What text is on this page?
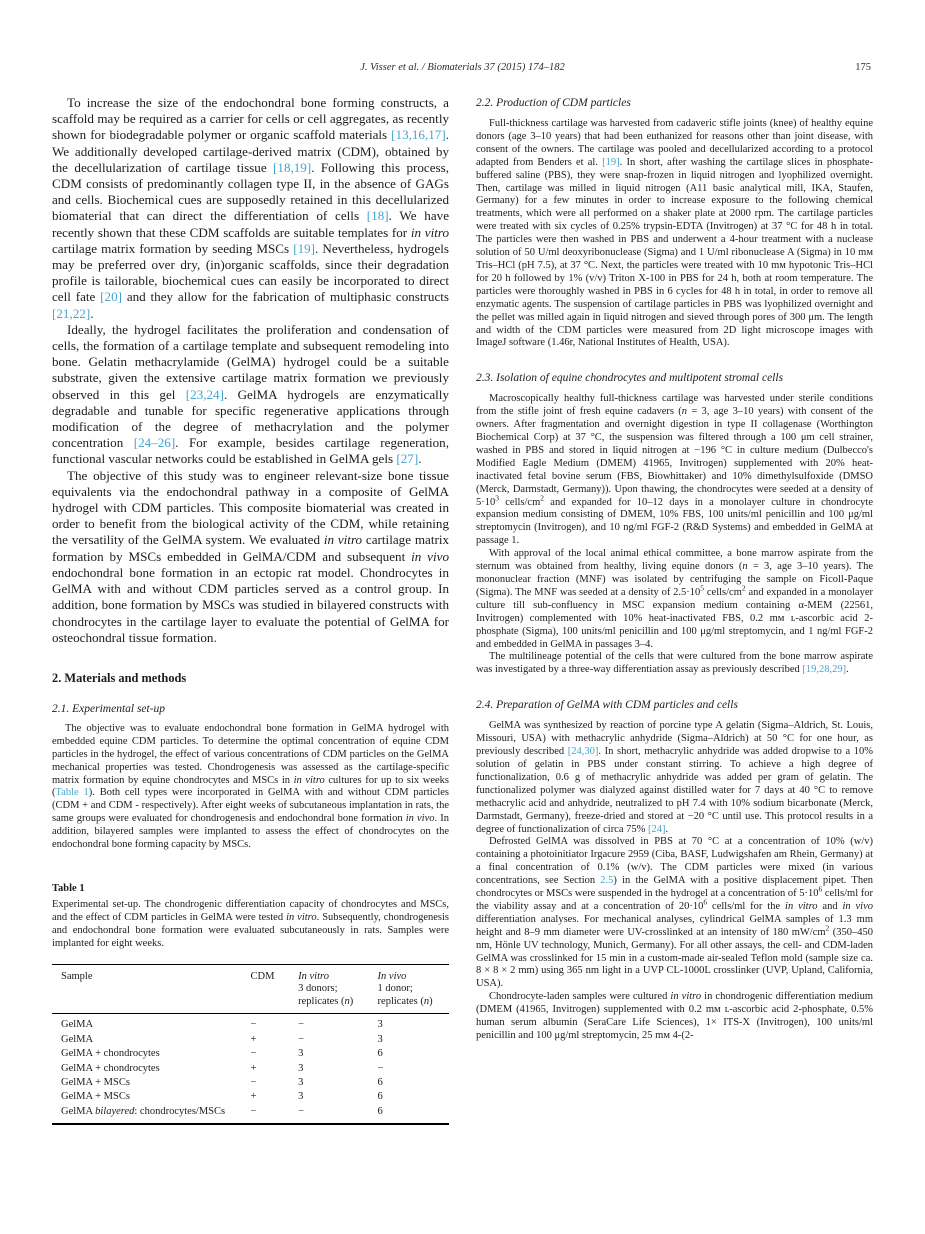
J. Visser et al. / Biomaterials 37 (2015) 174–182	175

To increase the size of the endochondral bone forming constructs, a scaffold may be required as a carrier for cells or cell aggregates, as recently shown for biodegradable polymer or organic scaffold materials [13,16,17]. We additionally developed cartilage-derived matrix (CDM), obtained by the decellularization of cartilage tissue [18,19]. Following this process, CDM consists of predominantly collagen type II, in the absence of GAGs and cells. Biochemical cues are supposedly retained in this decellularized biomaterial that can direct the differentiation of cells [18]. We have recently shown that these CDM scaffolds are suitable templates for in vitro cartilage matrix formation by seeding MSCs [19]. Nevertheless, hydrogels may be preferred over dry, (in)organic scaffolds, since their degradation profile is tailorable, biochemical cues can easily be incorporated to direct cell fate [20] and they allow for the fabrication of multiphasic constructs [21,22].

Ideally, the hydrogel facilitates the proliferation and condensation of cells, the formation of a cartilage template and subsequent remodeling into bone. Gelatin methacrylamide (GelMA) hydrogel could be a suitable substrate, given the extensive cartilage matrix formation we previously observed in this gel [23,24]. GelMA hydrogels are enzymatically degradable and tunable for specific regenerative applications through modification of the degree of methacrylation and the polymer concentration [24–26]. For example, besides cartilage regeneration, functional vascular networks could be established in GelMA gels [27].

The objective of this study was to engineer relevant-size bone tissue equivalents via the endochondral pathway in a composite of GelMA hydrogel with CDM particles. This composite biomaterial was created in order to benefit from the biological activity of the CDM, while retaining the versatility of the GelMA system. We evaluated in vitro cartilage matrix formation by MSCs embedded in GelMA/CDM and subsequent in vivo endochondral bone formation in an ectopic rat model. Chondrocytes in GelMA with and without CDM particles served as a control group. In addition, bone formation by MSCs was studied in bilayered constructs with chondrocytes in the cartilage layer to evaluate the potential of GelMA for osteochondral tissue formation.

2. Materials and methods
2.1. Experimental set-up

The objective was to evaluate endochondral bone formation in GelMA hydrogel with embedded equine CDM particles. To determine the optimal concentration of equine CDM particles in the hydrogel, the effect of various concentrations of CDM particles on the GelMA mechanical properties was tested. Chondrogenesis was assessed as the cartilage-specific matrix formation by equine chondrocytes and MSCs in in vitro cultures for up to six weeks (Table 1). Both cell types were incorporated in GelMA with and without CDM particles (CDM + and CDM - respectively). After eight weeks of subcutaneous implantation in rats, the same groups were evaluated for chondrogenesis and endochondral bone formation in vivo. In addition, bilayered samples were implanted to assess the effect of chondrocytes on the endochondral bone forming capacity by MSCs.

Table 1
Experimental set-up. The chondrogenic differentiation capacity of chondrocytes and MSCs, and the effect of CDM particles in GelMA were tested in vitro. Subsequently, chondrogenesis and endochondral bone formation were evaluated subcutaneously in rats. Samples were implanted for eight weeks.
Sample	CDM	In vitro
3 donors;
replicates (n)	In vivo
1 donor;
replicates (n)
GelMA	−	−	3
GelMA	+	−	3
GelMA + chondrocytes	−	3	6
GelMA + chondrocytes	+	3	−
GelMA + MSCs	−	3	6
GelMA + MSCs	+	3	6
GelMA bilayered: chondrocytes/MSCs	−	−	6
2.2. Production of CDM particles

Full-thickness cartilage was harvested from cadaveric stifle joints (knee) of healthy equine donors (age 3–10 years) that had been euthanized for reasons other than joint disease, with consent of the owners. The cartilage was pooled and decellularized according to a protocol adapted from Benders et al. [19]. In short, after washing the cartilage slices in phosphate-buffered saline (PBS), they were snap-frozen in liquid nitrogen and lyophilized overnight. Then, cartilage was milled in liquid nitrogen (A11 basic analytical mill, IKA, Staufen, Germany) for a few minutes in order to increase exposure to the following chemical treatments, which were all performed on a shaker plate at 2000 rpm. The cartilage particles were treated with six cycles of 0.25% trypsin-EDTA (Invitrogen) at 37 °C for 48 h in total. The particles were then washed in PBS and underwent a 4-hour treatment with a nuclease solution of 50 U/ml deoxyribonuclease (Sigma) and 1 U/ml ribonuclease A (Sigma) in 10 mᴍ Tris–HCl (pH 7.5), at 37 °C. Next, the particles were treated with 10 mᴍ hypotonic Tris–HCl for 20 h followed by 1% (v/v) Triton X-100 in PBS for 24 h, both at room temperature. The particles were thoroughly washed in PBS in 6 cycles for 48 h in total, in order to remove all enzymatic agents. The suspension of cartilage particles in PBS was lyophilized overnight and the pellet was milled again in liquid nitrogen and sieved through pores of 300 μm. The length and width of the CDM particles were measured from 2D light microscope images with ImageJ software (1.46r, National Institutes of Health, USA).

2.3. Isolation of equine chondrocytes and multipotent stromal cells

Macroscopically healthy full-thickness cartilage was harvested under sterile conditions from the stifle joint of fresh equine cadavers (n = 3, age 3–10 years) with consent of the owners. After fragmentation and overnight digestion in type II collagenase (Worthington Biochemical Corp) at 37 °C, the suspension was filtered through a 100 μm cell strainer, washed in PBS and stored in liquid nitrogen at −196 °C in culture medium (Dulbecco's Modified Eagle Medium (DMEM) 41965, Invitrogen) supplemented with 20% heat-inactivated fetal bovine serum (FBS, Biowhittaker) and 10% dimethylsulfoxide (DMSO (Merck, Darmstadt, Germany)). Upon thawing, the chondrocytes were seeded at a density of $5\cdot 10^3$ cells/$cm^2$ and expanded for 10–12 days in a monolayer culture in chondrocyte expansion medium consisting of DMEM, 10% FBS, 100 units/ml penicillin and 100 μg/ml streptomycin (Invitrogen), and 10 ng/ml FGF-2 (R&D Systems) and embedded in GelMA at passage 1.

With approval of the local animal ethical committee, a bone marrow aspirate from the sternum was obtained from healthy, living equine donors (n = 3, age 3–10 years). The mononuclear fraction (MNF) was isolated by centrifuging the sample on Ficoll-Paque (Sigma). The MNF was seeded at a density of $2.5\cdot 10^5$ cells/$cm^2$ and expanded in a monolayer culture till sub-confluency in MSC expansion medium containing α-MEM (22561, Invitrogen) complemented with 10% heat-inactivated FBS, 0.2 mᴍ ʟ-ascorbic acid 2-phosphate (Sigma), 100 units/ml penicillin and 100 μg/ml streptomycin, and 1 ng/ml FGF-2 and embedded in GelMA in passages 3–4.

The multilineage potential of the cells that were cultured from the bone marrow aspirate was investigated by a three-way differentiation assay as previously described [19,28,29].

2.4. Preparation of GelMA with CDM particles and cells

GelMA was synthesized by reaction of porcine type A gelatin (Sigma–Aldrich, St. Louis, Missouri, USA) with methacrylic anhydride (Sigma–Aldrich) at 50 °C for one hour, as previously described [24,30]. In short, methacrylic anhydride was added dropwise to a 10% solution of gelatin in PBS under constant stirring. To achieve a high degree of functionalization, 0.6 g of methacrylic anhydride was added per gram of gelatin. The functionalized polymer was dialyzed against distilled water for 7 days at 40 °C to remove methacrylic acid and anhydride, neutralized to pH 7.4 with 10% sodium bicarbonate (Merck, Darmstadt, Germany), freeze-dried and stored at −20 °C until use. This protocol results in a degree of functionalization of circa 75% [24].

Defrosted GelMA was dissolved in PBS at 70 °C at a concentration of 10% (w/v) containing a photoinitiator Irgacure 2959 (Ciba, BASF, Ludwigshafen am Rhein, Germany) at a final concentration of 0.1% (w/v). The CDM particles were mixed (in various concentrations, see Section 2.5) in the GelMA with a positive displacement pipet. Then chondrocytes or MSCs were suspended in the hydrogel at a concentration of $5\cdot 10^6$ cells/ml for the viability assay and at a concentration of $20\cdot 10^6$ cells/ml for the in vitro and in vivo differentiation analyses. For mechanical analyses, cylindrical GelMA samples of 1.3 mm height and 8–9 mm diameter were UV-crosslinked at an intensity of 180 $mW/cm^2$ (350–450 nm, Hönle UV technology, Munich, Germany). For all other assays, the cell- and CDM-laden GelMA was crosslinked for 15 min in a custom-made air-sealed Teflon mold (sample size ca. 8 × 8 × 2 mm) using 365 nm light in a UVP CL-1000L crosslinker (UVP, Upland, California, USA).

Chondrocyte-laden samples were cultured in vitro in chondrogenic differentiation medium (DMEM (41965, Invitrogen) supplemented with 0.2 mᴍ ʟ-ascorbic acid 2-phosphate, 0.5% human serum albumin (SeraCare Life Sciences), 1× ITS-X (Invitrogen), 100 units/ml penicillin and 100 μg/ml streptomycin, 25 mᴍ 4-(2-
